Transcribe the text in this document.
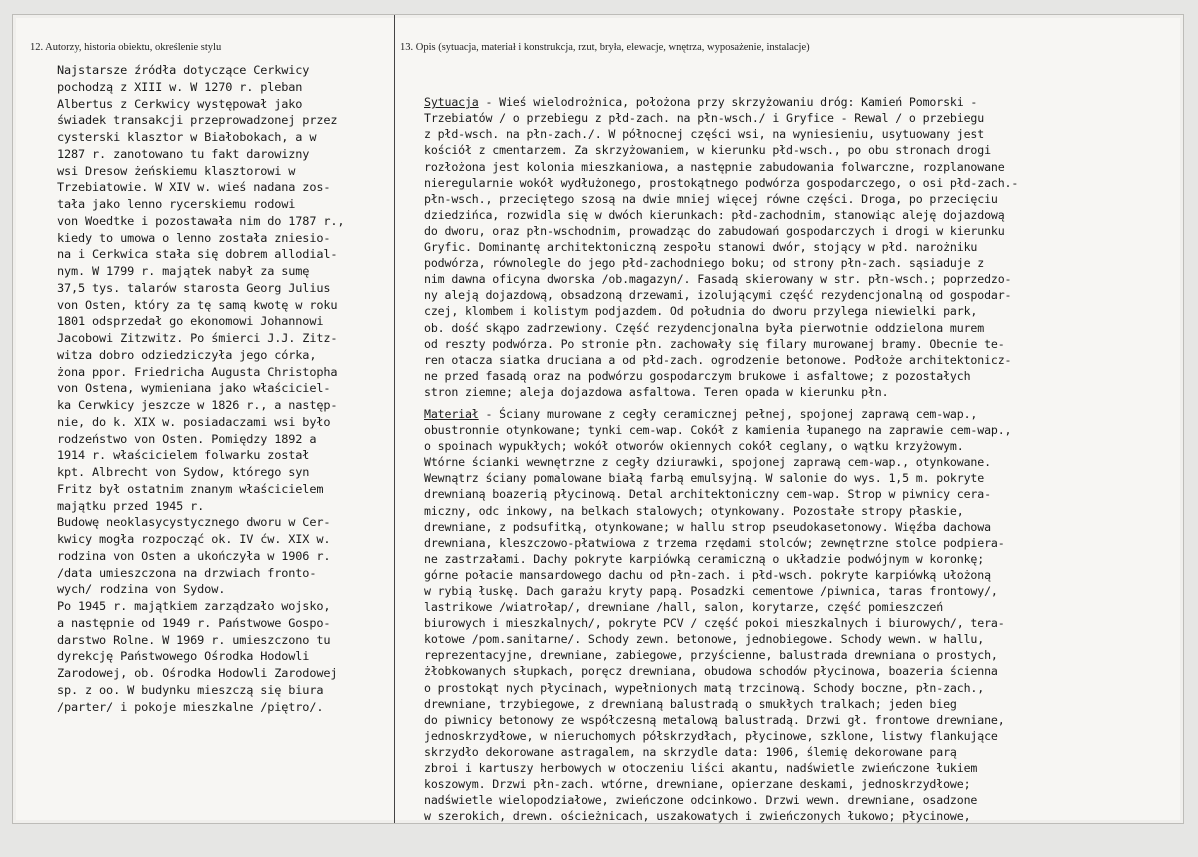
12. Autorzy, historia obiektu, określenie stylu
Najstarsze źródła dotyczące Cerkwicy
pochodzą z XIII w. W 1270 r. pleban
Albertus z Cerkwicy występował jako
świadek transakcji przeprowadzonej przez
cysterski klasztor w Białobokach, a w
1287 r. zanotowano tu fakt darowizny
wsi Dresow żeńskiemu klasztorowi w
Trzebiatowie. W XIV w. wieś nadana zos-
tała jako lenno rycerskiemu rodowi
von Woedtke i pozostawała nim do 1787 r.,
kiedy to umowa o lenno została zniesio-
na i Cerkwica stała się dobrem allodial-
nym. W 1799 r. majątek nabył za sumę
37,5 tys. talarów starosta Georg Julius
von Osten, który za tę samą kwotę w roku
1801 odsprzedał go ekonomowi Johannowi
Jacobowi Zitzwitz. Po śmierci J.J. Zitz-
witza dobro odziedziczyła jego córka,
żona ppor. Friedricha Augusta Christopha
von Ostena, wymieniana jako właściciel-
ka Cerwkicy jeszcze w 1826 r., a następ-
nie, do k. XIX w. posiadaczami wsi było
rodzeństwo von Osten. Pomiędzy 1892 a
1914 r. właścicielem folwarku został
kpt. Albrecht von Sydow, którego syn
Fritz był ostatnim znanym właścicielem
majątku przed 1945 r.
Budowę neoklasycystycznego dworu w Cer-
kwicy mogła rozpocząć ok. IV ćw. XIX w.
rodzina von Osten a ukończyła w 1906 r.
/data umieszczona na drzwiach fronto-
wych/ rodzina von Sydow.
Po 1945 r. majątkiem zarządzało wojsko,
a następnie od 1949 r. Państwowe Gospo-
darstwo Rolne. W 1969 r. umieszczono tu
dyrekcję Państwowego Ośrodka Hodowli
Zarodowej, ob. Ośrodka Hodowli Zarodowej
sp. z oo. W budynku mieszczą się biura
/parter/ i pokoje mieszkalne /piętro/.
13. Opis (sytuacja, materiał i konstrukcja, rzut, bryła, elewacje, wnętrza, wyposażenie, instalacje)

Sytuacja - Wieś wielodrożnica, położona przy skrzyżowaniu dróg: Kamień Pomorski -
Trzebiatów / o przebiegu z płd-zach. na płn-wsch./ i Gryfice - Rewal / o przebiegu
z płd-wsch. na płn-zach./. W północnej części wsi, na wyniesieniu, usytuowany jest
kościół z cmentarzem. Za skrzyżowaniem, w kierunku płd-wsch., po obu stronach drogi
rozłożona jest kolonia mieszkaniowa, a następnie zabudowania folwarczne, rozplanowane
nieregularnie wokół wydłużonego, prostokątnego podwórza gospodarczego, o osi płd-zach.-
płn-wsch., przeciętego szosą na dwie mniej więcej równe części. Droga, po przecięciu
dziedzińca, rozwidla się w dwóch kierunkach: płd-zachodnim, stanowiąc aleję dojazdową
do dworu, oraz płn-wschodnim, prowadząc do zabudowań gospodarczych i drogi w kierunku
Gryfic. Dominantę architektoniczną zespołu stanowi dwór, stojący w płd. narożniku
podwórza, równolegle do jego płd-zachodniego boku; od strony płn-zach. sąsiaduje z
nim dawna oficyna dworska /ob.magazyn/. Fasadą skierowany w str. płn-wsch.; poprzedzo-
ny aleją dojazdową, obsadzoną drzewami, izolującymi część rezydencjonalną od gospodar-
czej, klombem i kolistym podjazdem. Od południa do dworu przylega niewielki park,
ob. dość skąpo zadrzewiony. Część rezydencjonalna była pierwotnie oddzielona murem
od reszty podwórza. Po stronie płn. zachowały się filary murowanej bramy. Obecnie te-
ren otacza siatka druciana a od płd-zach. ogrodzenie betonowe. Podłoże architektonicz-
ne przed fasadą oraz na podwórzu gospodarczym brukowe i asfaltowe; z pozostałych
stron ziemne; aleja dojazdowa asfaltowa. Teren opada w kierunku płn.
Materiał - Ściany murowane z cegły ceramicznej pełnej, spojonej zaprawą cem-wap.,
obustronnie otynkowane; tynki cem-wap. Cokół z kamienia łupanego na zaprawie cem-wap.,
o spoinach wypukłych; wokół otworów okiennych cokół ceglany, o wątku krzyżowym.
Wtórne ścianki wewnętrzne z cegły dziurawki, spojonej zaprawą cem-wap., otynkowane.
Wewnątrz ściany pomalowane białą farbą emulsyjną. W salonie do wys. 1,5 m. pokryte
drewnianą boazerią płycinową. Detal architektoniczny cem-wap. Strop w piwnicy cera-
miczny, odc inkowy, na belkach stalowych; otynkowany. Pozostałe stropy płaskie,
drewniane, z podsufitką, otynkowane; w hallu strop pseudokasetonowy. Więźba dachowa
drewniana, kleszczowo-płatwiowa z trzema rzędami stolców; zewnętrzne stolce podpiera-
ne zastrzałami. Dachy pokryte karpiówką ceramiczną o układzie podwójnym w koronkę;
górne połacie mansardowego dachu od płn-zach. i płd-wsch. pokryte karpiówką ułożoną
w rybią łuskę. Dach garażu kryty papą. Posadzki cementowe /piwnica, taras frontowy/,
lastrikowe /wiatrołap/, drewniane /hall, salon, korytarze, część pomieszczeń
biurowych i mieszkalnych/, pokryte PCV / część pokoi mieszkalnych i biurowych/, tera-
kotowe /pom.sanitarne/. Schody zewn. betonowe, jednobiegowe. Schody wewn. w hallu,
reprezentacyjne, drewniane, zabiegowe, przyścienne, balustrada drewniana o prostych,
żłobkowanych słupkach, poręcz drewniana, obudowa schodów płycinowa, boazeria ścienna
o prostokąt nych płycinach, wypełnionych matą trzcinową. Schody boczne, płn-zach.,
drewniane, trzybiegowe, z drewnianą balustradą o smukłych tralkach; jeden bieg
do piwnicy betonowy ze współczesną metalową balustradą. Drzwi gł. frontowe drewniane,
jednoskrzydłowe, w nieruchomych półskrzydłach, płycinowe, szklone, listwy flankujące
skrzydło dekorowane astragalem, na skrzydle data: 1906, ślemię dekorowane parą
zbroi i kartuszy herbowych w otoczeniu liści akantu, nadświetle zwieńczone łukiem
koszowym. Drzwi płn-zach. wtórne, drewniane, opierzane deskami, jednoskrzydłowe;
nadświetle wielopodziałowe, zwieńczone odcinkowo. Drzwi wewn. drewniane, osadzone
w szerokich, drewn. ościeżnicach, uszakowatych i zwieńczonych łukowo; płycinowe,
